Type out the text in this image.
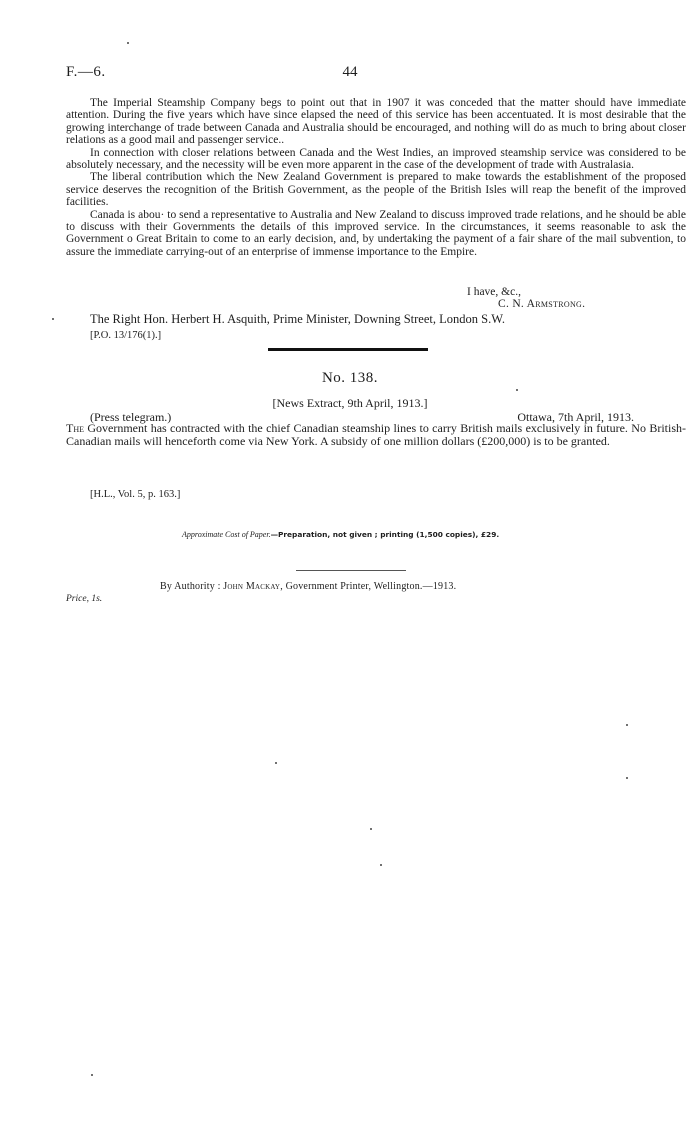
F.—6.	44

The Imperial Steamship Company begs to point out that in 1907 it was conceded that the matter should have immediate attention. During the five years which have since elapsed the need of this service has been accentuated. It is most desirable that the growing interchange of trade between Canada and Australia should be encouraged, and nothing will do as much to bring about closer relations as a good mail and passenger service..

In connection with closer relations between Canada and the West Indies, an improved steamship service was considered to be absolutely necessary, and the necessity will be even more apparent in the case of the development of trade with Australasia.

The liberal contribution which the New Zealand Government is prepared to make towards the establishment of the proposed service deserves the recognition of the British Government, as the people of the British Isles will reap the benefit of the improved facilities.

Canada is abou· to send a representative to Australia and New Zealand to discuss improved trade relations, and he should be able to discuss with their Governments the details of this improved service. In the circumstances, it seems reasonable to ask the Government o Great Britain to come to an early decision, and, by undertaking the payment of a fair share of the mail subvention, to assure the immediate carrying-out of an enterprise of immense importance to the Empire.

I have, &c.,
C. N. Armstrong.
The Right Hon. Herbert H. Asquith, Prime Minister, Downing Street, London S.W.
[P.O. 13/176(1).]
No. 138.
[News Extract, 9th April, 1913.]
(Press telegram.)	Ottawa, 7th April, 1913.
The Government has contracted with the chief Canadian steamship lines to carry British mails exclusively in future. No British-Canadian mails will henceforth come via New York. A subsidy of one million dollars (£200,000) is to be granted.
[H.L., Vol. 5, p. 163.]
Approximate Cost of Paper.—Preparation, not given ; printing (1,500 copies), £29.
By Authority : John Mackay, Government Printer, Wellington.—1913.
Price, 1s.
